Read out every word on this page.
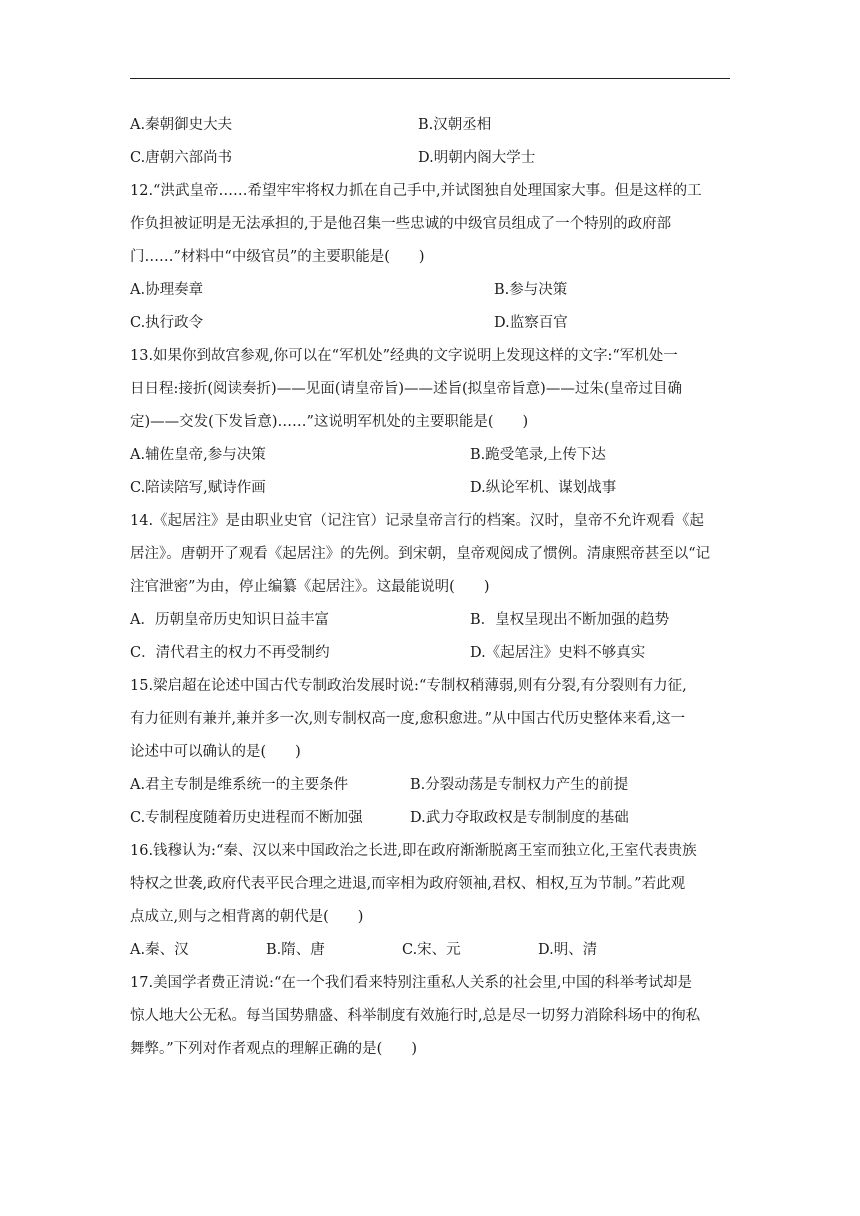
A.秦朝御史大夫	B.汉朝丞相
C.唐朝六部尚书	D.明朝内阁大学士
12.“洪武皇帝……希望牢牢将权力抓在自己手中,并试图独自处理国家大事。但是这样的工
作负担被证明是无法承担的,于是他召集一些忠诚的中级官员组成了一个特别的政府部
门……”材料中“中级官员”的主要职能是(　　)
A.协理奏章	B.参与决策
C.执行政令	D.监察百官
13.如果你到故宫参观,你可以在“军机处”经典的文字说明上发现这样的文字:“军机处一
日日程:接折(阅读奏折)——见面(请皇帝旨)——述旨(拟皇帝旨意)——过朱(皇帝过目确
定)——交发(下发旨意)……”这说明军机处的主要职能是(　　)
A.辅佐皇帝,参与决策	B.跪受笔录,上传下达
C.陪读陪写,赋诗作画	D.纵论军机、谋划战事
14.《起居注》是由职业史官（记注官）记录皇帝言行的档案。汉时，皇帝不允许观看《起
居注》。唐朝开了观看《起居注》的先例。到宋朝，皇帝观阅成了惯例。清康熙帝甚至以“记
注官泄密”为由，停止编纂《起居注》。这最能说明(　　)
A．历朝皇帝历史知识日益丰富	B．皇权呈现出不断加强的趋势
C．清代君主的权力不再受制约	D.《起居注》史料不够真实
15.梁启超在论述中国古代专制政治发展时说:“专制权稍薄弱,则有分裂,有分裂则有力征,
有力征则有兼并,兼并多一次,则专制权高一度,愈积愈进。”从中国古代历史整体来看,这一
论述中可以确认的是(　　)
A.君主专制是维系统一的主要条件	B.分裂动荡是专制权力产生的前提
C.专制程度随着历史进程而不断加强	D.武力夺取政权是专制制度的基础
16.钱穆认为:“秦、汉以来中国政治之长进,即在政府渐渐脱离王室而独立化,王室代表贵族
特权之世袭,政府代表平民合理之进退,而宰相为政府领袖,君权、相权,互为节制。”若此观
点成立,则与之相背离的朝代是(　　)
A.秦、汉	B.隋、唐	C.宋、元	D.明、清
17.美国学者费正清说:“在一个我们看来特别注重私人关系的社会里,中国的科举考试却是
惊人地大公无私。每当国势鼎盛、科举制度有效施行时,总是尽一切努力消除科场中的徇私
舞弊。”下列对作者观点的理解正确的是(　　)
